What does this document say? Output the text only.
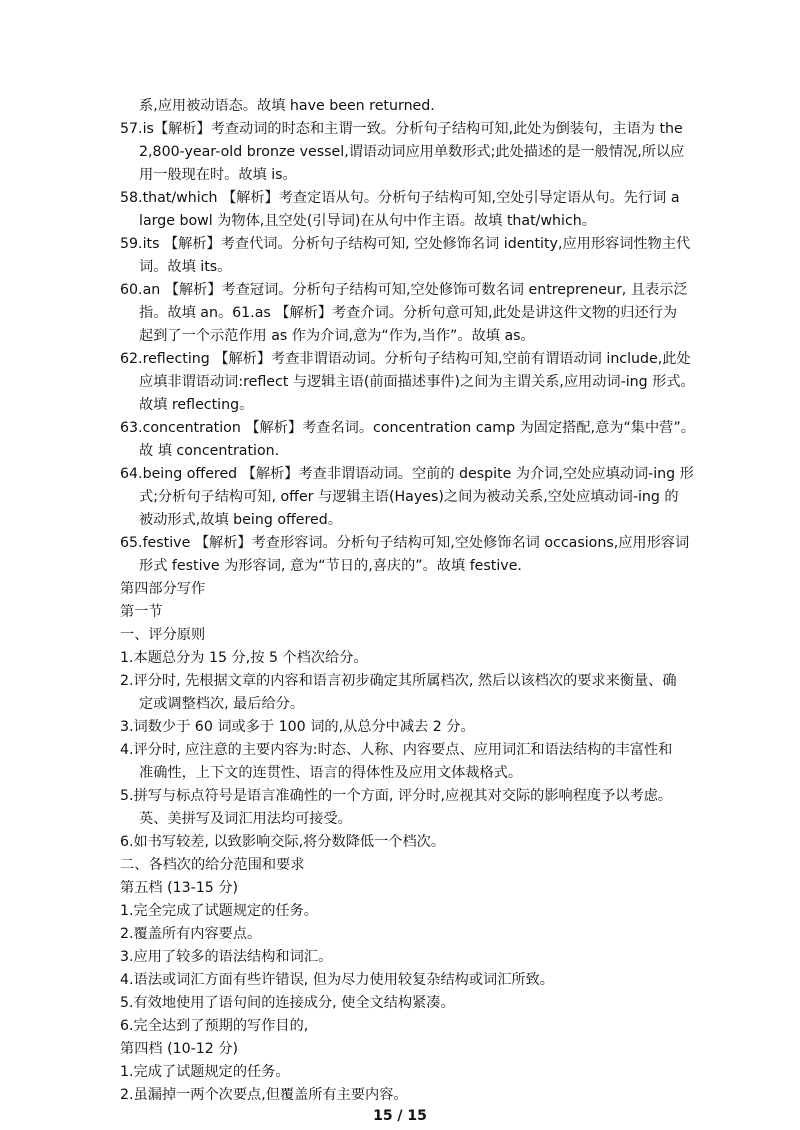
系,应用被动语态。故填 have been returned.
57.is【解析】考查动词的时态和主谓一致。分析句子结构可知,此处为倒装句，主语为 the
2,800-year-old bronze vessel,谓语动词应用单数形式;此处描述的是一般情况,所以应
用一般现在时。故填 is。
58.that/which 【解析】考查定语从句。分析句子结构可知,空处引导定语从句。先行词 a
large bowl 为物体,且空处(引导词)在从句中作主语。故填 that/which。
59.its 【解析】考查代词。分析句子结构可知, 空处修饰名词 identity,应用形容词性物主代
词。故填 its。
60.an 【解析】考查冠词。分析句子结构可知,空处修饰可数名词 entrepreneur, 且表示泛
指。故填 an。61.as 【解析】考查介词。分析句意可知,此处是讲这件文物的归还行为
起到了一个示范作用 as 作为介词,意为“作为,当作”。故填 as。
62.reflecting 【解析】考查非谓语动词。分析句子结构可知,空前有谓语动词 include,此处
应填非谓语动词:reflect 与逻辑主语(前面描述事件)之间为主谓关系,应用动词-ing 形式。
故填 reflecting。
63.concentration 【解析】考查名词。concentration camp 为固定搭配,意为“集中营”。
故 填 concentration.
64.being offered 【解析】考查非谓语动词。空前的 despite 为介词,空处应填动词-ing 形
式;分析句子结构可知, offer 与逻辑主语(Hayes)之间为被动关系,空处应填动词-ing 的
被动形式,故填 being offered。
65.festive 【解析】考查形容词。分析句子结构可知,空处修饰名词 occasions,应用形容词
形式 festive 为形容词, 意为“节日的,喜庆的”。故填 festive.
第四部分写作
第一节
一、评分原则
1.本题总分为 15 分,按 5 个档次给分。
2.评分时, 先根据文章的内容和语言初步确定其所属档次, 然后以该档次的要求来衡量、确
定或调整档次, 最后给分。
3.词数少于 60 词或多于 100 词的,从总分中减去 2 分。
4.评分时, 应注意的主要内容为:时态、人称、内容要点、应用词汇和语法结构的丰富性和
准确性，上下文的连贯性、语言的得体性及应用文体裁格式。
5.拼写与标点符号是语言准确性的一个方面, 评分时,应视其对交际的影响程度予以考虑。
英、美拼写及词汇用法均可接受。
6.如书写较差, 以致影响交际,将分数降低一个档次。
二、各档次的给分范围和要求
第五档 (13-15 分)
1.完全完成了试题规定的任务。
2.覆盖所有内容要点。
3.应用了较多的语法结构和词汇。
4.语法或词汇方面有些许错误, 但为尽力使用较复杂结构或词汇所致。
5.有效地使用了语句间的连接成分, 使全文结构紧凑。
6.完全达到了预期的写作目的,
第四档 (10-12 分)
1.完成了试题规定的任务。
2.虽漏掉一两个次要点,但覆盖所有主要内容。
15 / 15
